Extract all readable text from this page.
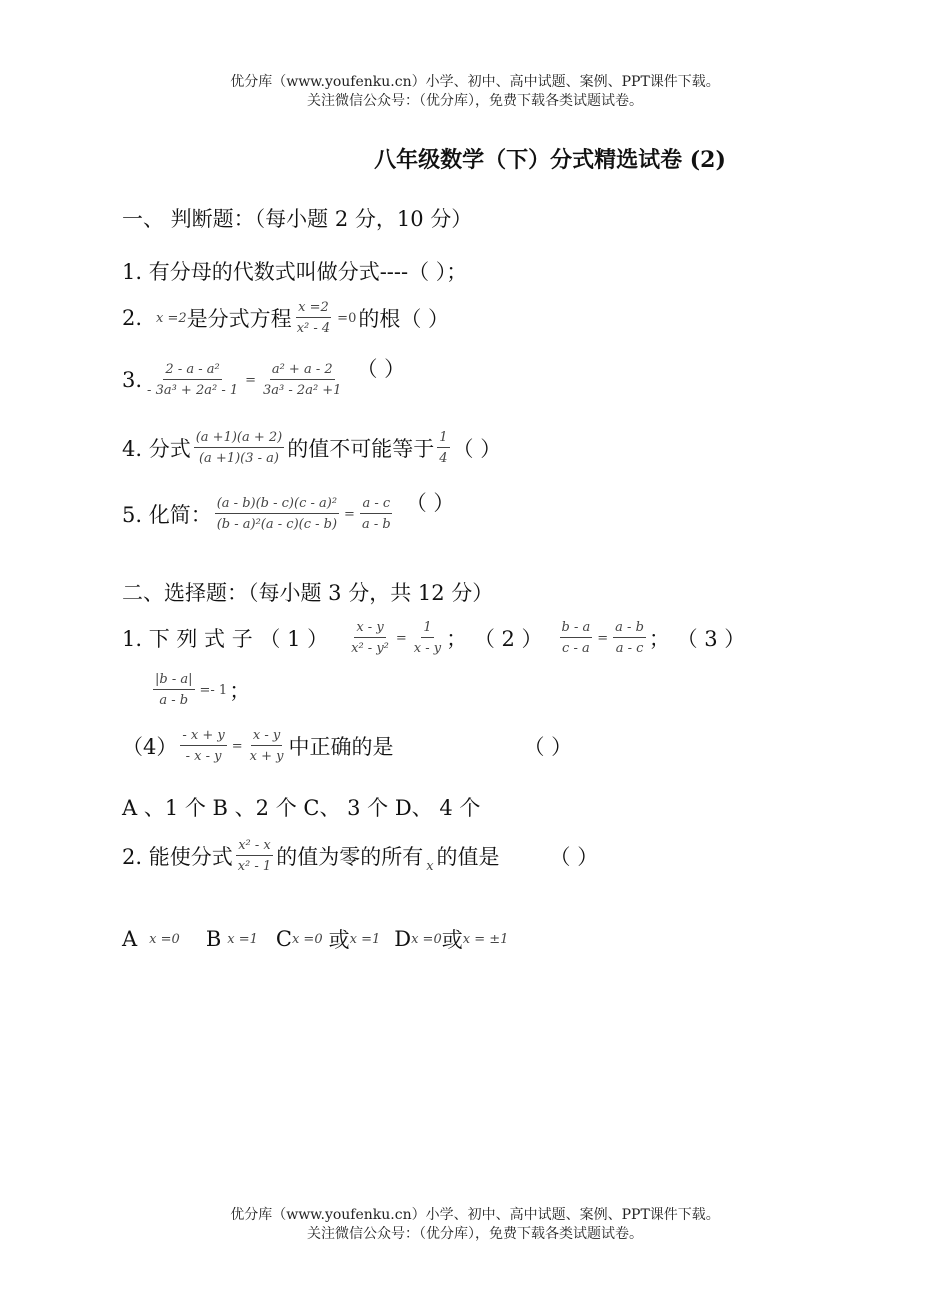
优分库（www.youfenku.cn）小学、初中、高中试题、案例、PPT课件下载。
关注微信公众号：（优分库），免费下载各类试题试卷。
八年级数学（下）分式精选试卷 (2)
一、 判断题：（每小题 2 分，10 分）
1. 有分母的代数式叫做分式----（ ）；
2. x =2 是分式方程 $\frac{x =2}{\text{x² - 4}} =0$ 的根（ ）
3. $\frac{\text{2 - a - a²}}{\text{- 3a³ + 2a² - 1}} = \frac{\text{a² + a - 2}}{\text{3a³ - 2a² +1}}$ （ ）
4. 分式 $\frac{(a +1)(a + 2)}{(a +1)(3 - a)}$ 的值不可能等于 $\frac{1}{4}$ （ ）
5. 化简： $\frac{\text{(a - b)(b - c)(c - a)²}}{\text{(b - a)²(a - c)(c - b)}} = \frac{a - c}{a - b}$ （ ）
二、选择题：（每小题 3 分，共 12 分）
1. 下 列 式 子 （ 1 ） $\frac{x - y}{\text{x² - y²}} = \frac{1}{x - y}$ ； （ 2 ） $\frac{b - a}{c - a} = \frac{a - b}{a - c}$ ； （ 3 ）
$\frac{|b - a|}{a - b} =- 1$ ；
$(4) \frac{- x + y}{- x - y} = \frac{x - y}{x + y}$ 中正确的是	（ ）
A 、1 个 B 、2 个 C、 3 个 D、 4 个
2. 能使分式 $\frac{\text{x² - x}}{\text{x² - 1}}$ 的值为零的所有 x 的值是 （ ）
A x =0 B x =1 C x =0 或 x =1 D x =0 或 x = ±1
优分库（www.youfenku.cn）小学、初中、高中试题、案例、PPT课件下载。
关注微信公众号：（优分库），免费下载各类试题试卷。
